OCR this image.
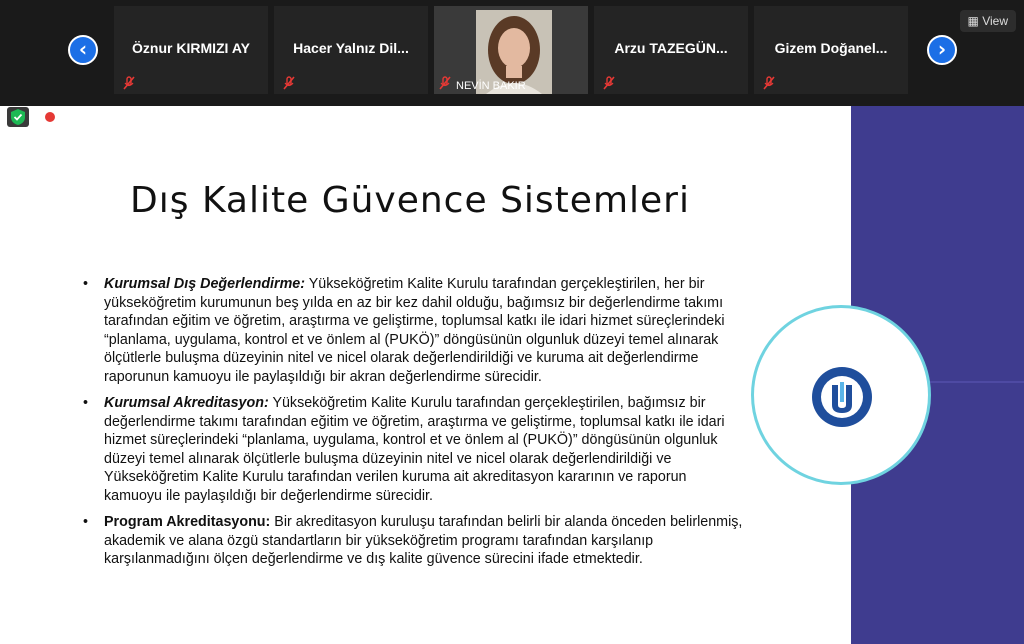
‹	Öznur KIRMIZI AY	Hacer Yalnız Dil...
NEVİN BAKIR
Arzu TAZEGÜN...	Gizem Doğanel...	›
▦ View
Dış Kalite Güvence Sistemleri
• Kurumsal Dış Değerlendirme: Yükseköğretim Kalite Kurulu tarafından gerçekleştirilen, her bir yükseköğretim kurumunun beş yılda en az bir kez dahil olduğu, bağımsız bir değerlendirme takımı tarafından eğitim ve öğretim, araştırma ve geliştirme, toplumsal katkı ile idari hizmet süreçlerindeki “planlama, uygulama, kontrol et ve önlem al (PUKÖ)” döngüsünün olgunluk düzeyi temel alınarak ölçütlerle buluşma düzeyinin nitel ve nicel olarak değerlendirildiği ve kuruma ait değerlendirme raporunun kamuoyu ile paylaşıldığı bir akran değerlendirme sürecidir.
• Kurumsal Akreditasyon: Yükseköğretim Kalite Kurulu tarafından gerçekleştirilen, bağımsız bir değerlendirme takımı tarafından eğitim ve öğretim, araştırma ve geliştirme, toplumsal katkı ile idari hizmet süreçlerindeki “planlama, uygulama, kontrol et ve önlem al (PUKÖ)” döngüsünün olgunluk düzeyi temel alınarak ölçütlerle buluşma düzeyinin nitel ve nicel olarak değerlendirildiği ve Yükseköğretim Kalite Kurulu tarafından verilen kuruma ait akreditasyon kararının ve raporun kamuoyu ile paylaşıldığı bir değerlendirme sürecidir.
• Program Akreditasyonu: Bir akreditasyon kuruluşu tarafından belirli bir alanda önceden belirlenmiş, akademik ve alana özgü standartların bir yükseköğretim programı tarafından karşılanıp karşılanmadığını ölçen değerlendirme ve dış kalite güvence sürecini ifade etmektedir.
